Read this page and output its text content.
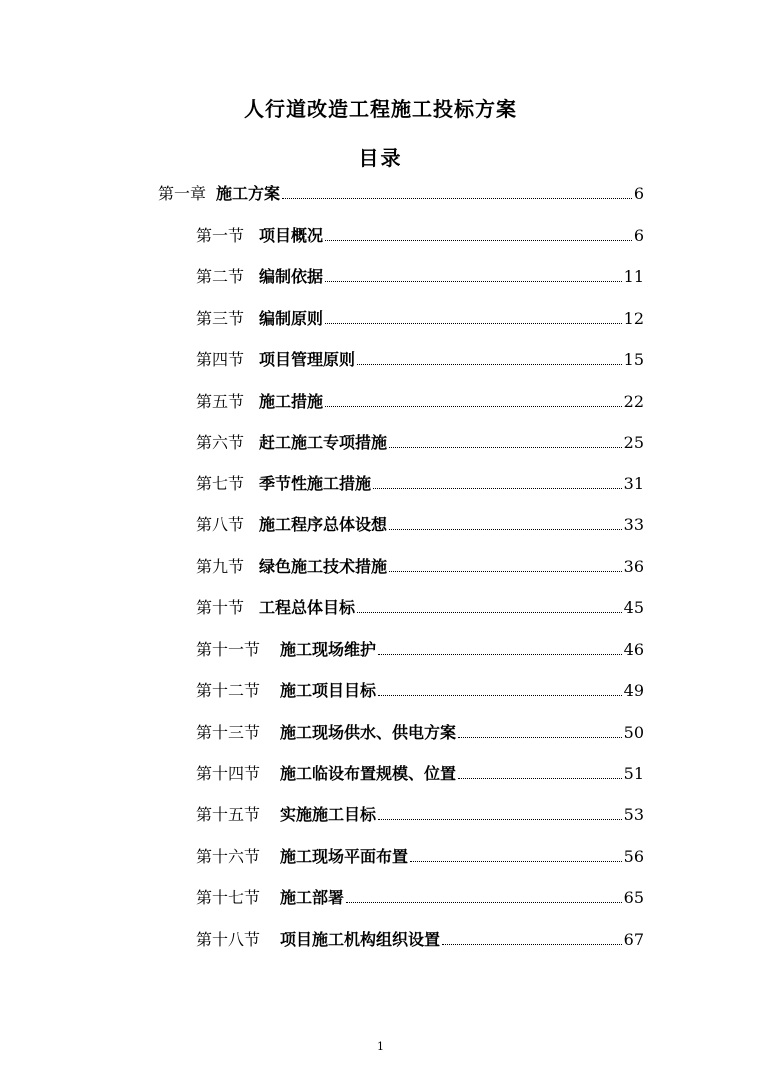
人行道改造工程施工投标方案
目录
第一章 施工方案	6
第一节 项目概况	6
第二节 编制依据	11
第三节 编制原则	12
第四节 项目管理原则	15
第五节 施工措施	22
第六节 赶工施工专项措施	25
第七节 季节性施工措施	31
第八节 施工程序总体设想	33
第九节 绿色施工技术措施	36
第十节 工程总体目标	45
第十一节	施工现场维护	46
第十二节	施工项目目标	49
第十三节	施工现场供水、供电方案	50
第十四节	施工临设布置规模、位置	51
第十五节	实施施工目标	53
第十六节	施工现场平面布置	56
第十七节	施工部署	65
第十八节	项目施工机构组织设置	67
1
